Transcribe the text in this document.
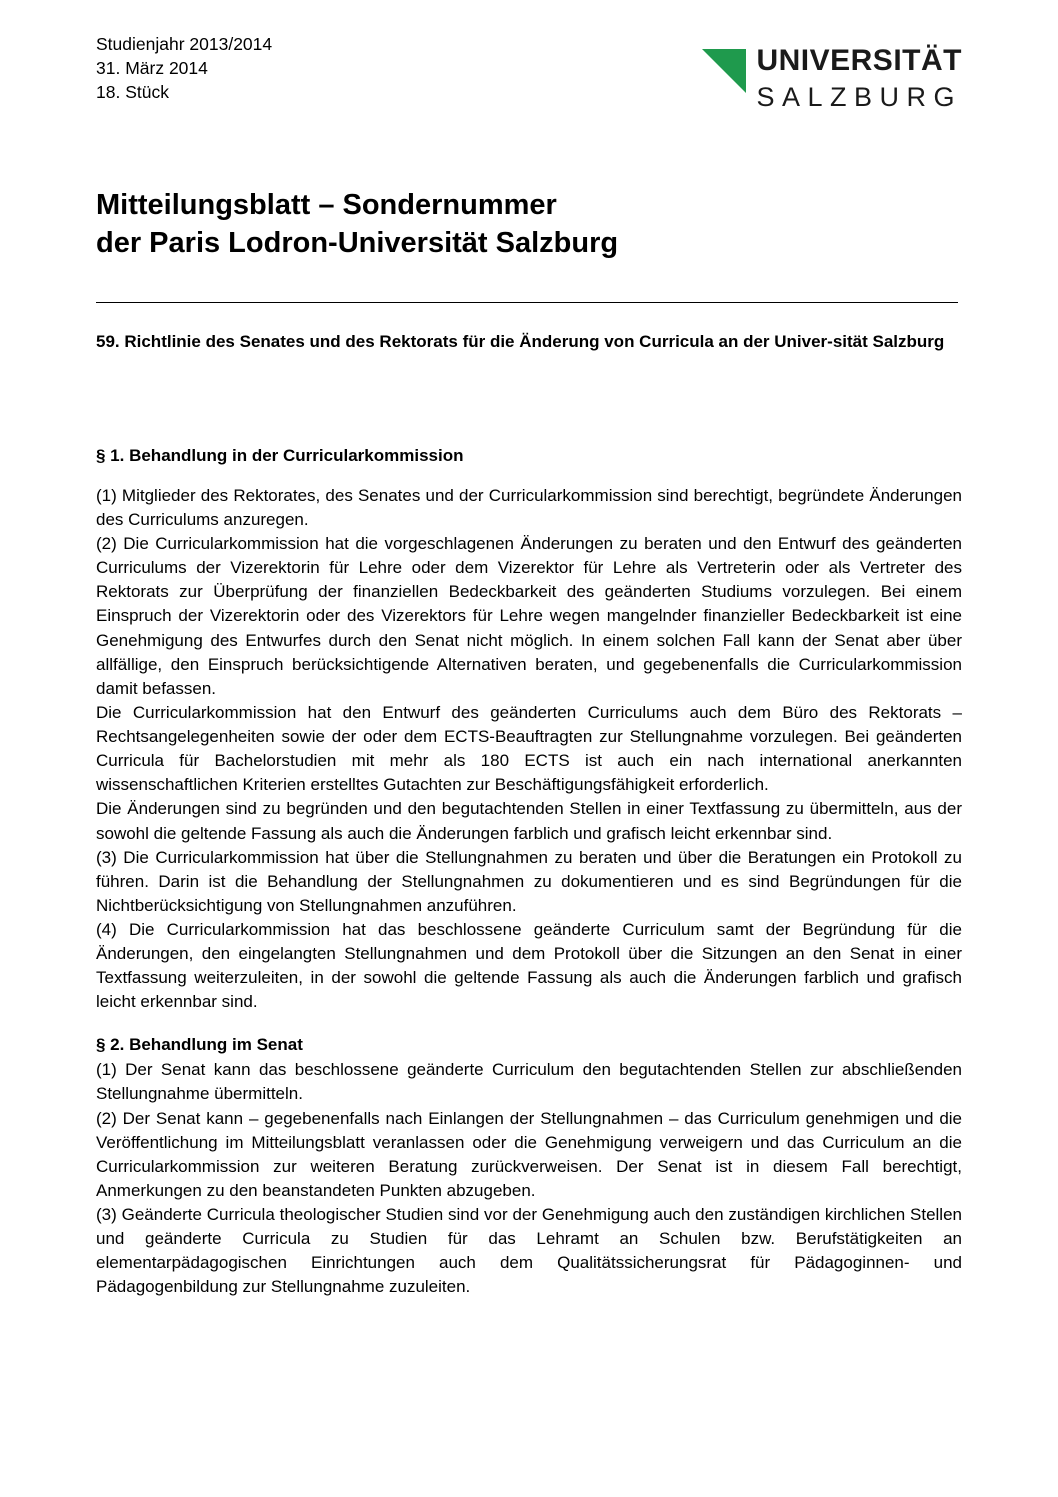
Studienjahr 2013/2014
31. März 2014
18. Stück
UNIVERSITÄT
SALZBURG
Mitteilungsblatt – Sondernummer
der Paris Lodron-Universität Salzburg
59. Richtlinie des Senates und des Rektorats für die Änderung von Curricula an der Univer-sität Salzburg
§ 1. Behandlung in der Curricularkommission

(1) Mitglieder des Rektorates, des Senates und der Curricularkommission sind berechtigt, begründete Änderungen des Curriculums anzuregen.

(2) Die Curricularkommission hat die vorgeschlagenen Änderungen zu beraten und den Entwurf des geänderten Curriculums der Vizerektorin für Lehre oder dem Vizerektor für Lehre als Vertreterin oder als Vertreter des Rektorats zur Überprüfung der finanziellen Bedeckbarkeit des geänderten Studiums vorzulegen. Bei einem Einspruch der Vizerektorin oder des Vizerektors für Lehre wegen mangelnder finanzieller Bedeckbarkeit ist eine Genehmigung des Entwurfes durch den Senat nicht möglich. In einem solchen Fall kann der Senat aber über allfällige, den Einspruch berücksichtigende Alternativen beraten, und gegebenenfalls die Curricularkommission damit befassen.

Die Curricularkommission hat den Entwurf des geänderten Curriculums auch dem Büro des Rektorats – Rechtsangelegenheiten sowie der oder dem ECTS-Beauftragten zur Stellungnahme vorzulegen. Bei geänderten Curricula für Bachelorstudien mit mehr als 180 ECTS ist auch ein nach international anerkannten wissenschaftlichen Kriterien erstelltes Gutachten zur Beschäftigungsfähigkeit erforderlich.

Die Änderungen sind zu begründen und den begutachtenden Stellen in einer Textfassung zu übermitteln, aus der sowohl die geltende Fassung als auch die Änderungen farblich und grafisch leicht erkennbar sind.

(3) Die Curricularkommission hat über die Stellungnahmen zu beraten und über die Beratungen ein Protokoll zu führen. Darin ist die Behandlung der Stellungnahmen zu dokumentieren und es sind Begründungen für die Nichtberücksichtigung von Stellungnahmen anzuführen.

(4) Die Curricularkommission hat das beschlossene geänderte Curriculum samt der Begründung für die Änderungen, den eingelangten Stellungnahmen und dem Protokoll über die Sitzungen an den Senat in einer Textfassung weiterzuleiten, in der sowohl die geltende Fassung als auch die Änderungen farblich und grafisch leicht erkennbar sind.

§ 2. Behandlung im Senat

(1) Der Senat kann das beschlossene geänderte Curriculum den begutachtenden Stellen zur abschließenden Stellungnahme übermitteln.

(2) Der Senat kann – gegebenenfalls nach Einlangen der Stellungnahmen – das Curriculum genehmigen und die Veröffentlichung im Mitteilungsblatt veranlassen oder die Genehmigung verweigern und das Curriculum an die Curricularkommission zur weiteren Beratung zurückverweisen. Der Senat ist in diesem Fall berechtigt, Anmerkungen zu den beanstandeten Punkten abzugeben.

(3) Geänderte Curricula theologischer Studien sind vor der Genehmigung auch den zuständigen kirchlichen Stellen und geänderte Curricula zu Studien für das Lehramt an Schulen bzw. Berufstätigkeiten an elementarpädagogischen Einrichtungen auch dem Qualitätssicherungsrat für Pädagoginnen- und Pädagogenbildung zur Stellungnahme zuzuleiten.
